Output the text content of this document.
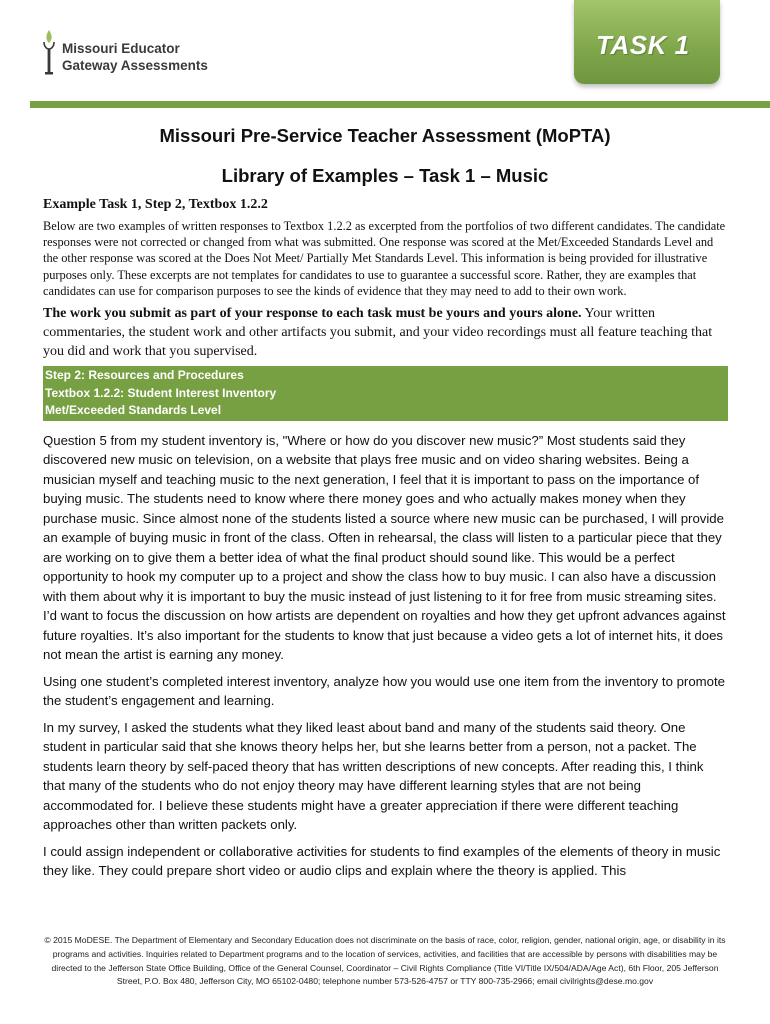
Missouri Educator
Gateway Assessments
TASK 1
Missouri Pre-Service Teacher Assessment (MoPTA)
Library of Examples – Task 1 – Music
Example Task 1, Step 2, Textbox 1.2.2

Below are two examples of written responses to Textbox 1.2.2 as excerpted from the portfolios of two different candidates. The candidate responses were not corrected or changed from what was submitted. One response was scored at the Met/Exceeded Standards Level and the other response was scored at the Does Not Meet/ Partially Met Standards Level. This information is being provided for illustrative purposes only. These excerpts are not templates for candidates to use to guarantee a successful score. Rather, they are examples that candidates can use for comparison purposes to see the kinds of evidence that they may need to add to their own work.

The work you submit as part of your response to each task must be yours and yours alone. Your written commentaries, the student work and other artifacts you submit, and your video recordings must all feature teaching that you did and work that you supervised.

Step 2: Resources and Procedures
Textbox 1.2.2: Student Interest Inventory
Met/Exceeded Standards Level

Question 5 from my student inventory is, "Where or how do you discover new music?” Most students said they discovered new music on television, on a website that plays free music and on video sharing websites. Being a musician myself and teaching music to the next generation, I feel that it is important to pass on the importance of buying music. The students need to know where there money goes and who actually makes money when they purchase music. Since almost none of the students listed a source where new music can be purchased, I will provide an example of buying music in front of the class. Often in rehearsal, the class will listen to a particular piece that they are working on to give them a better idea of what the final product should sound like. This would be a perfect opportunity to hook my computer up to a project and show the class how to buy music. I can also have a discussion with them about why it is important to buy the music instead of just listening to it for free from music streaming sites. I’d want to focus the discussion on how artists are dependent on royalties and how they get upfront advances against future royalties. It’s also important for the students to know that just because a video gets a lot of internet hits, it does not mean the artist is earning any money.

Using one student’s completed interest inventory, analyze how you would use one item from the inventory to promote the student’s engagement and learning.

In my survey, I asked the students what they liked least about band and many of the students said theory. One student in particular said that she knows theory helps her, but she learns better from a person, not a packet. The students learn theory by self-paced theory that has written descriptions of new concepts. After reading this, I think that many of the students who do not enjoy theory may have different learning styles that are not being accommodated for. I believe these students might have a greater appreciation if there were different teaching approaches other than written packets only.

I could assign independent or collaborative activities for students to find examples of the elements of theory in music they like. They could prepare short video or audio clips and explain where the theory is applied. This

© 2015 MoDESE. The Department of Elementary and Secondary Education does not discriminate on the basis of race, color, religion, gender, national origin, age, or disability in its programs and activities. Inquiries related to Department programs and to the location of services, activities, and facilities that are accessible by persons with disabilities may be directed to the Jefferson State Office Building, Office of the General Counsel, Coordinator – Civil Rights Compliance (Title VI/Title IX/504/ADA/Age Act), 6th Floor, 205 Jefferson Street, P.O. Box 480, Jefferson City, MO 65102-0480; telephone number 573-526-4757 or TTY 800-735-2966; email civilrights@dese.mo.gov
